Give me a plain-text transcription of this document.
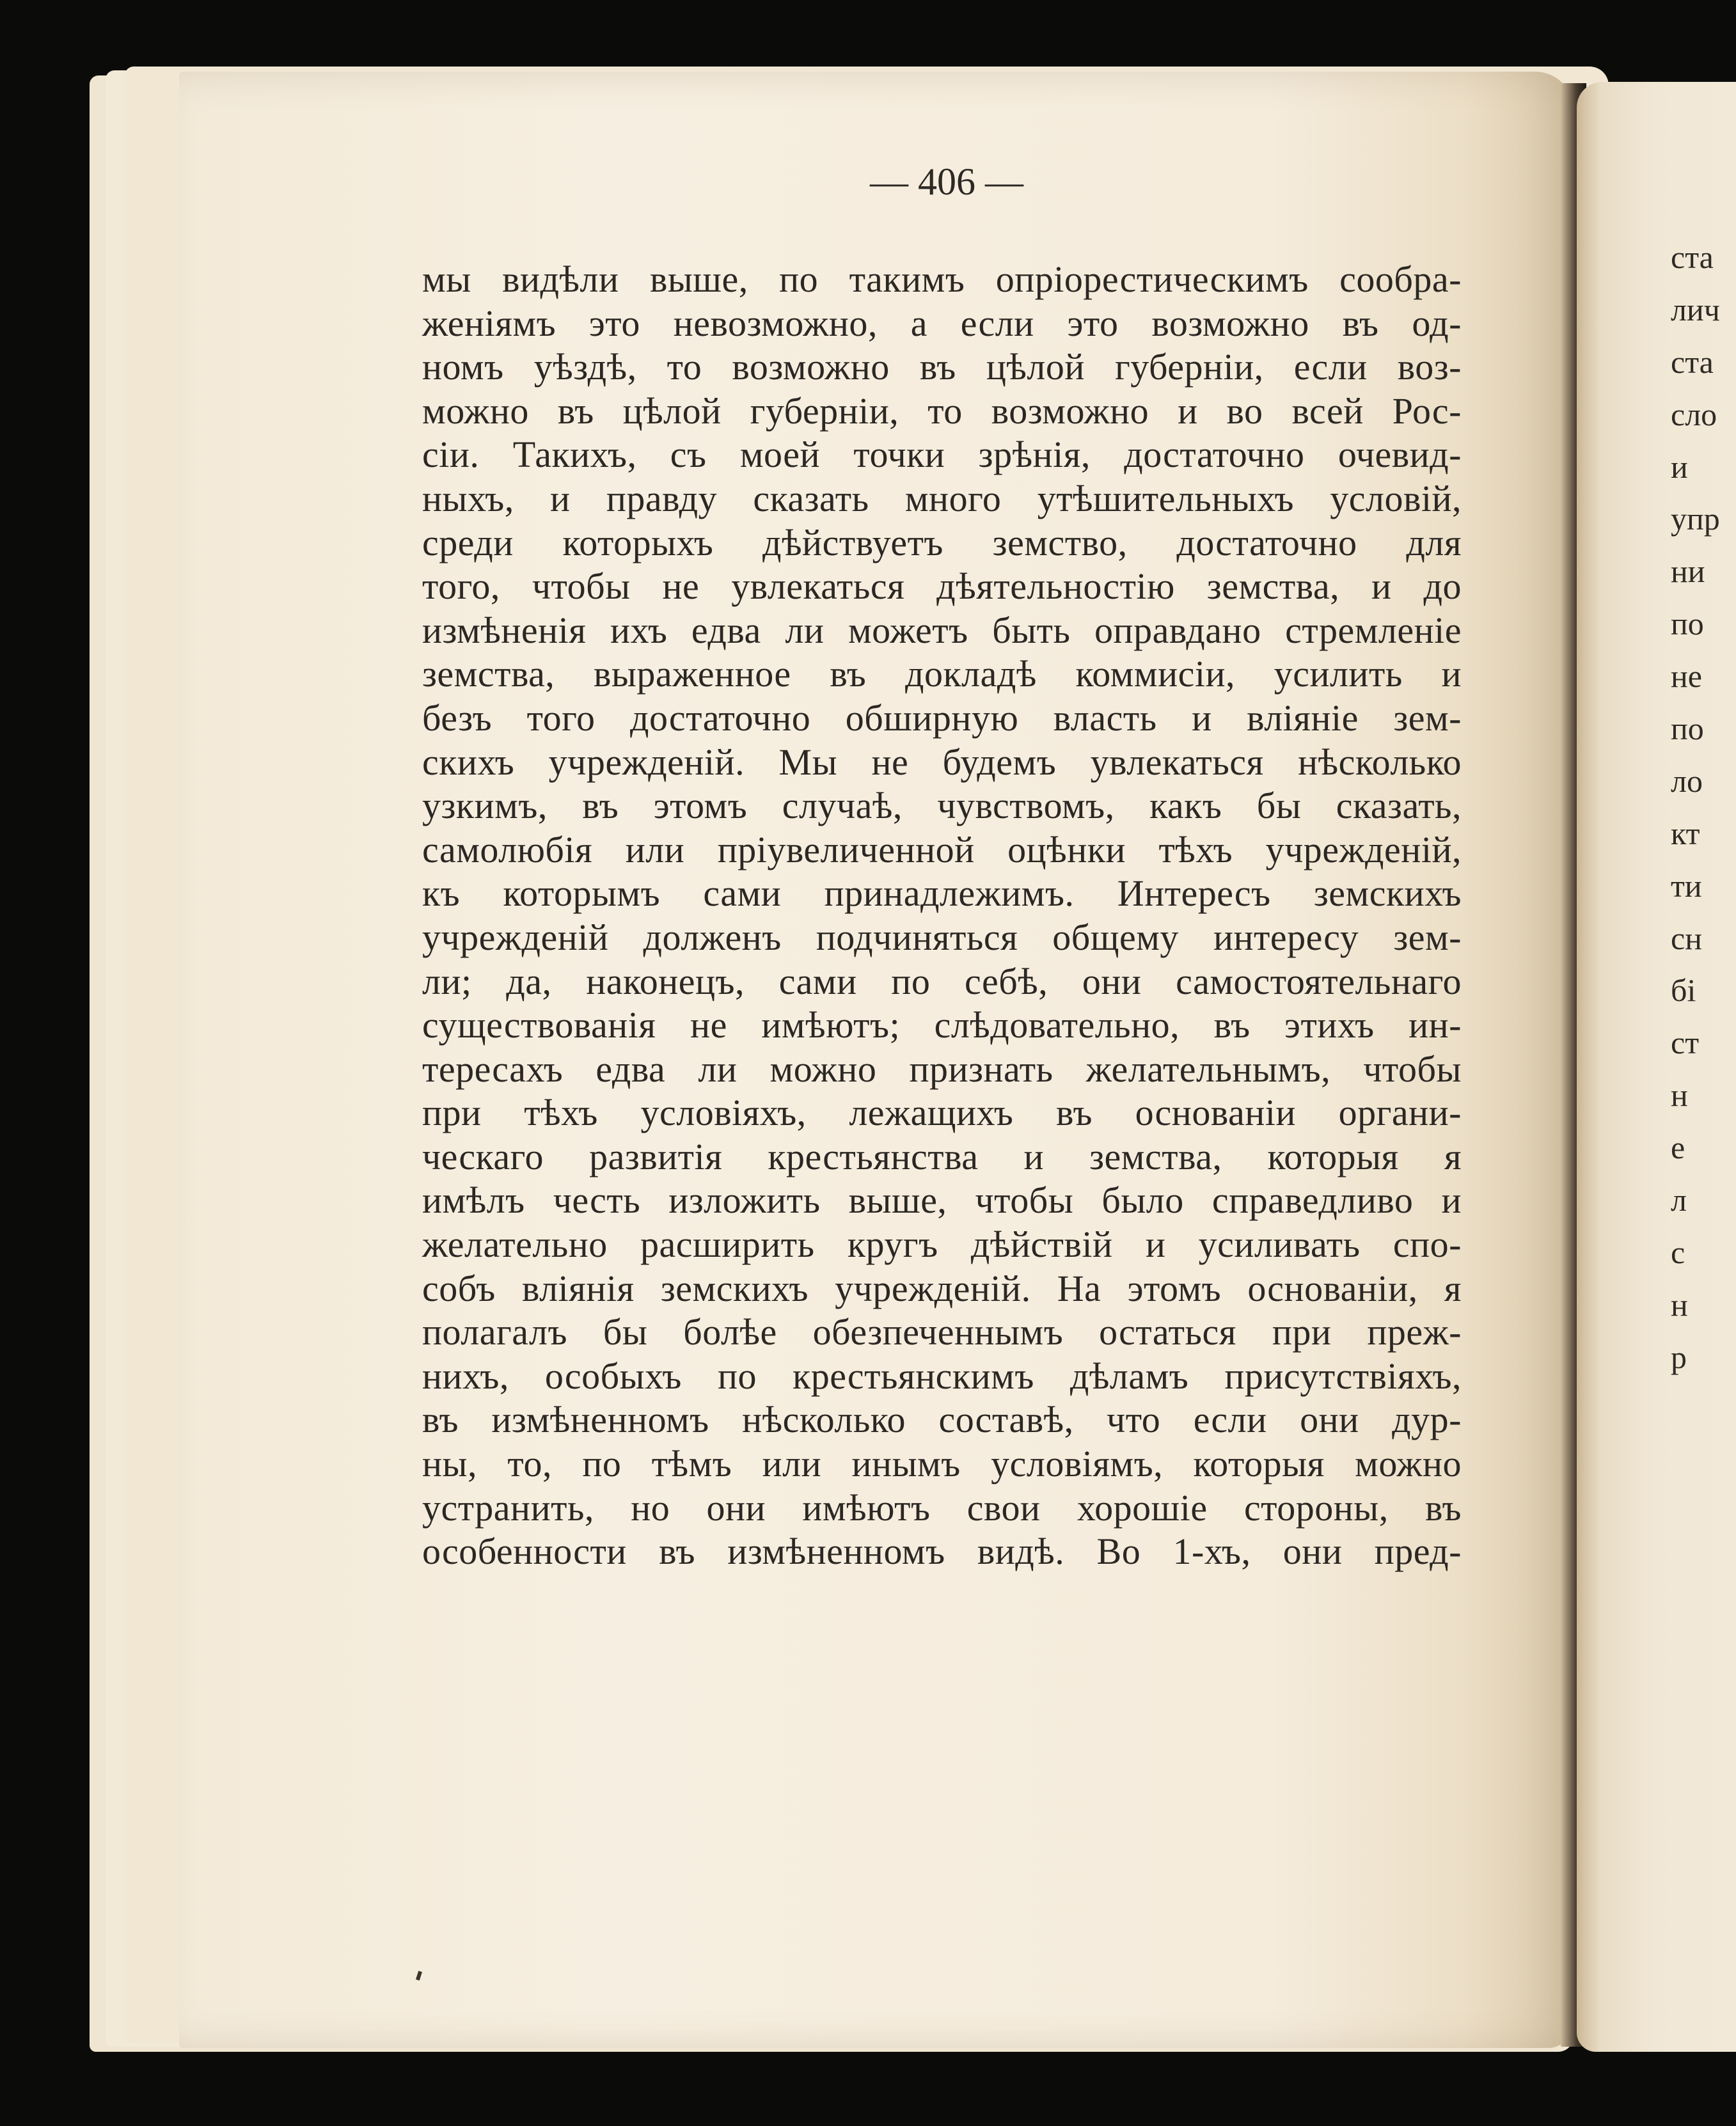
— 406 —
мы видѣли выше, по такимъ опріорестическимъ сообра-
женіямъ это невозможно, а если это возможно въ од-
номъ уѣздѣ, то возможно въ цѣлой губерніи, если воз-
можно въ цѣлой губерніи, то возможно и во всей Рос-
сіи. Такихъ, съ моей точки зрѣнія, достаточно очевид-
ныхъ, и правду сказать много утѣшительныхъ условій,
среди которыхъ дѣйствуетъ земство, достаточно для
того, чтобы не увлекаться дѣятельностію земства, и до
измѣненія ихъ едва ли можетъ быть оправдано стремленіе
земства, выраженное въ докладѣ коммисіи, усилить и
безъ того достаточно обширную власть и вліяніе зем-
скихъ учрежденій. Мы не будемъ увлекаться нѣсколько
узкимъ, въ этомъ случаѣ, чувствомъ, какъ бы сказать,
самолюбія или пріувеличенной оцѣнки тѣхъ учрежденій,
къ которымъ сами принадлежимъ. Интересъ земскихъ
учрежденій долженъ подчиняться общему интересу зем-
ли; да, наконецъ, сами по себѣ, они самостоятельнаго
существованія не имѣютъ; слѣдовательно, въ этихъ ин-
тересахъ едва ли можно признать желательнымъ, чтобы
при тѣхъ условіяхъ, лежащихъ въ основаніи органи-
ческаго развитія крестьянства и земства, которыя я
имѣлъ честь изложить выше, чтобы было справедливо и
желательно расширить кругъ дѣйствій и усиливать спо-
собъ вліянія земскихъ учрежденій. На этомъ основаніи, я
полагалъ бы болѣе обезпеченнымъ остаться при преж-
нихъ, особыхъ по крестьянскимъ дѣламъ присутствіяхъ,
въ измѣненномъ нѣсколько составѣ, что если они дур-
ны, то, по тѣмъ или инымъ условіямъ, которыя можно
устранить, но они имѣютъ свои хорошіе стороны, въ
особенности въ измѣненномъ видѣ. Во 1-хъ, они пред-
ста
лич
ста
сло
и
упр
ни
по
не
по
ло
кт
ти
сн
бі
ст
н
е
л
с
н
р
